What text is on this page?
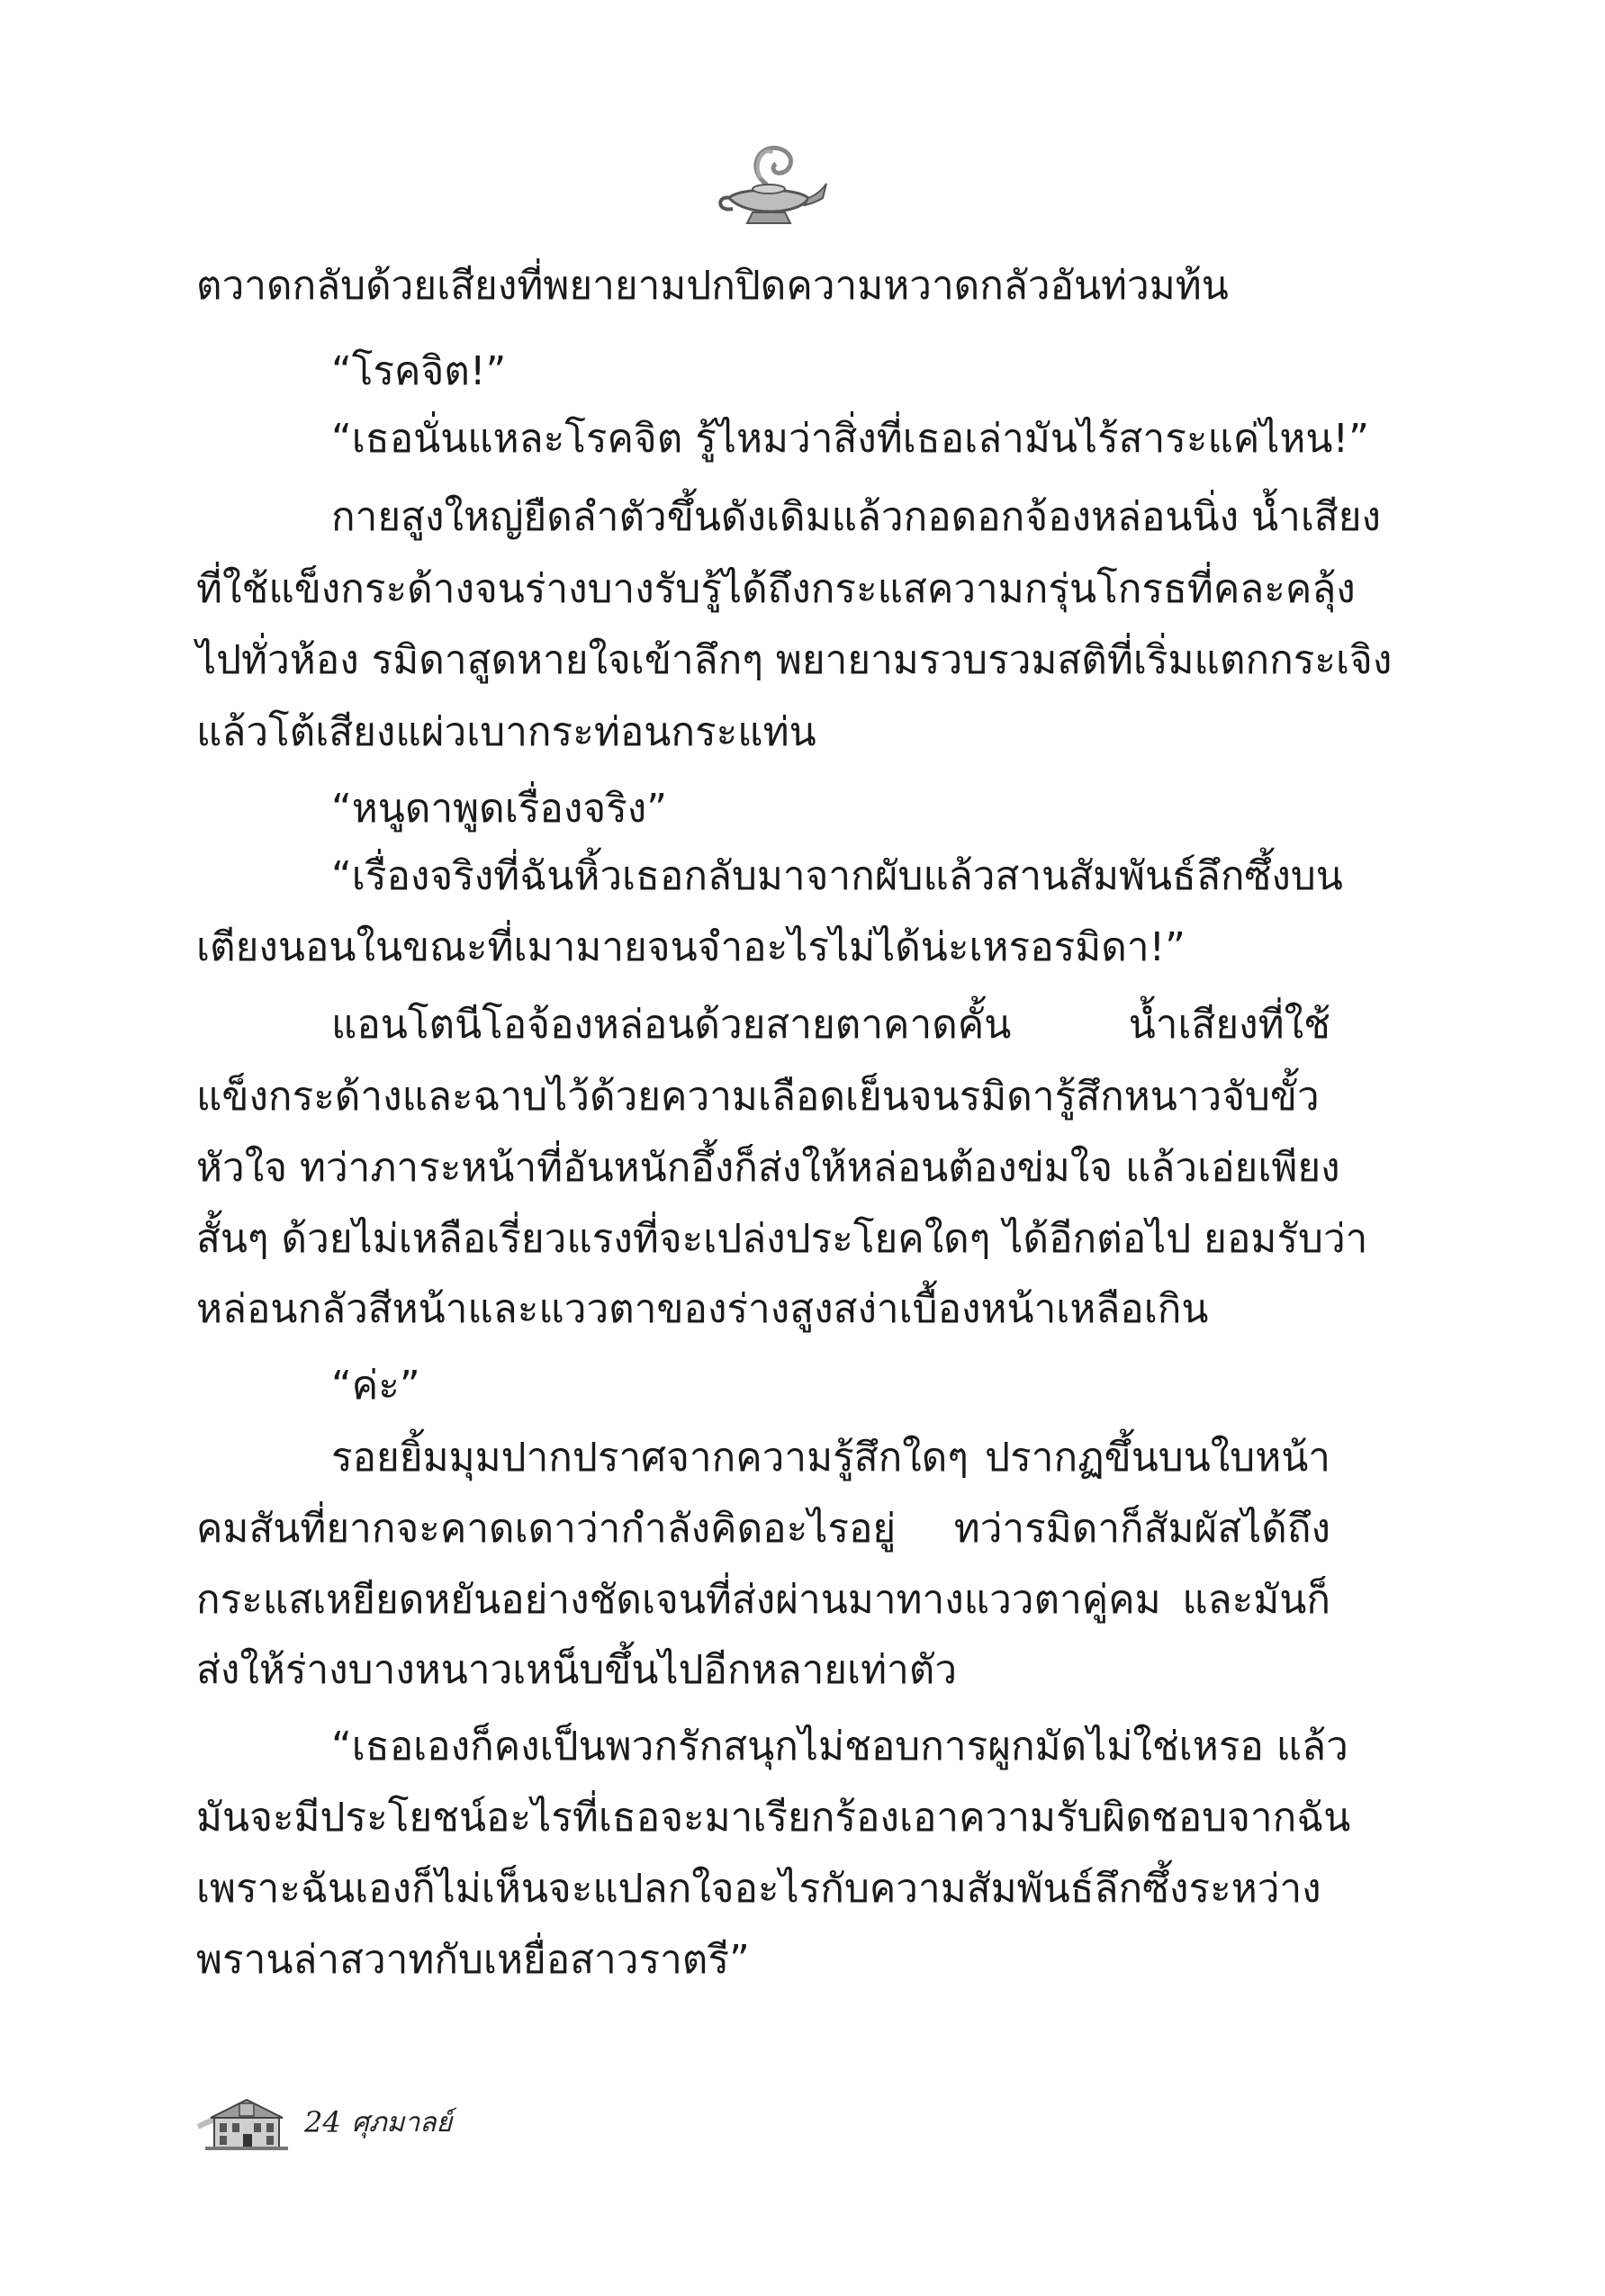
ตวาดกลับด้วยเสียงที่พยายามปกปิดความหวาดกลัวอันท่วมท้น
“โรคจิต!”
“เธอนั่นแหละโรคจิต รู้ไหมว่าสิ่งที่เธอเล่ามันไร้สาระแค่ไหน!”
กายสูงใหญ่ยืดลำตัวขึ้นดังเดิมแล้วกอดอกจ้องหล่อนนิ่ง น้ำเสียง
ที่ใช้แข็งกระด้างจนร่างบางรับรู้ได้ถึงกระแสความกรุ่นโกรธที่คละคลุ้ง
ไปทั่วห้อง รมิดาสูดหายใจเข้าลึกๆ พยายามรวบรวมสติที่เริ่มแตกกระเจิง
แล้วโต้เสียงแผ่วเบากระท่อนกระแท่น
“หนูดาพูดเรื่องจริง”
“เรื่องจริงที่ฉันหิ้วเธอกลับมาจากผับแล้วสานสัมพันธ์ลึกซึ้งบน
เตียงนอนในขณะที่เมามายจนจำอะไรไม่ได้น่ะเหรอรมิดา!”
แอนโตนีโอจ้องหล่อนด้วยสายตาคาดคั้น น้ำเสียงที่ใช้
แข็งกระด้างและฉาบไว้ด้วยความเลือดเย็นจนรมิดารู้สึกหนาวจับขั้ว
หัวใจ ทว่าภาระหน้าที่อันหนักอึ้งก็ส่งให้หล่อนต้องข่มใจ แล้วเอ่ยเพียง
สั้นๆ ด้วยไม่เหลือเรี่ยวแรงที่จะเปล่งประโยคใดๆ ได้อีกต่อไป ยอมรับว่า
หล่อนกลัวสีหน้าและแววตาของร่างสูงสง่าเบื้องหน้าเหลือเกิน
“ค่ะ”
รอยยิ้มมุมปากปราศจากความรู้สึกใดๆ ปรากฏขึ้นบนใบหน้า
คมสันที่ยากจะคาดเดาว่ากำลังคิดอะไรอยู่ ทว่ารมิดาก็สัมผัสได้ถึง
กระแสเหยียดหยันอย่างชัดเจนที่ส่งผ่านมาทางแววตาคู่คม และมันก็
ส่งให้ร่างบางหนาวเหน็บขึ้นไปอีกหลายเท่าตัว
“เธอเองก็คงเป็นพวกรักสนุกไม่ชอบการผูกมัดไม่ใช่เหรอ แล้ว
มันจะมีประโยชน์อะไรที่เธอจะมาเรียกร้องเอาความรับผิดชอบจากฉัน
เพราะฉันเองก็ไม่เห็นจะแปลกใจอะไรกับความสัมพันธ์ลึกซึ้งระหว่าง
พรานล่าสวาทกับเหยื่อสาวราตรี”
24 ศุภมาลย์
